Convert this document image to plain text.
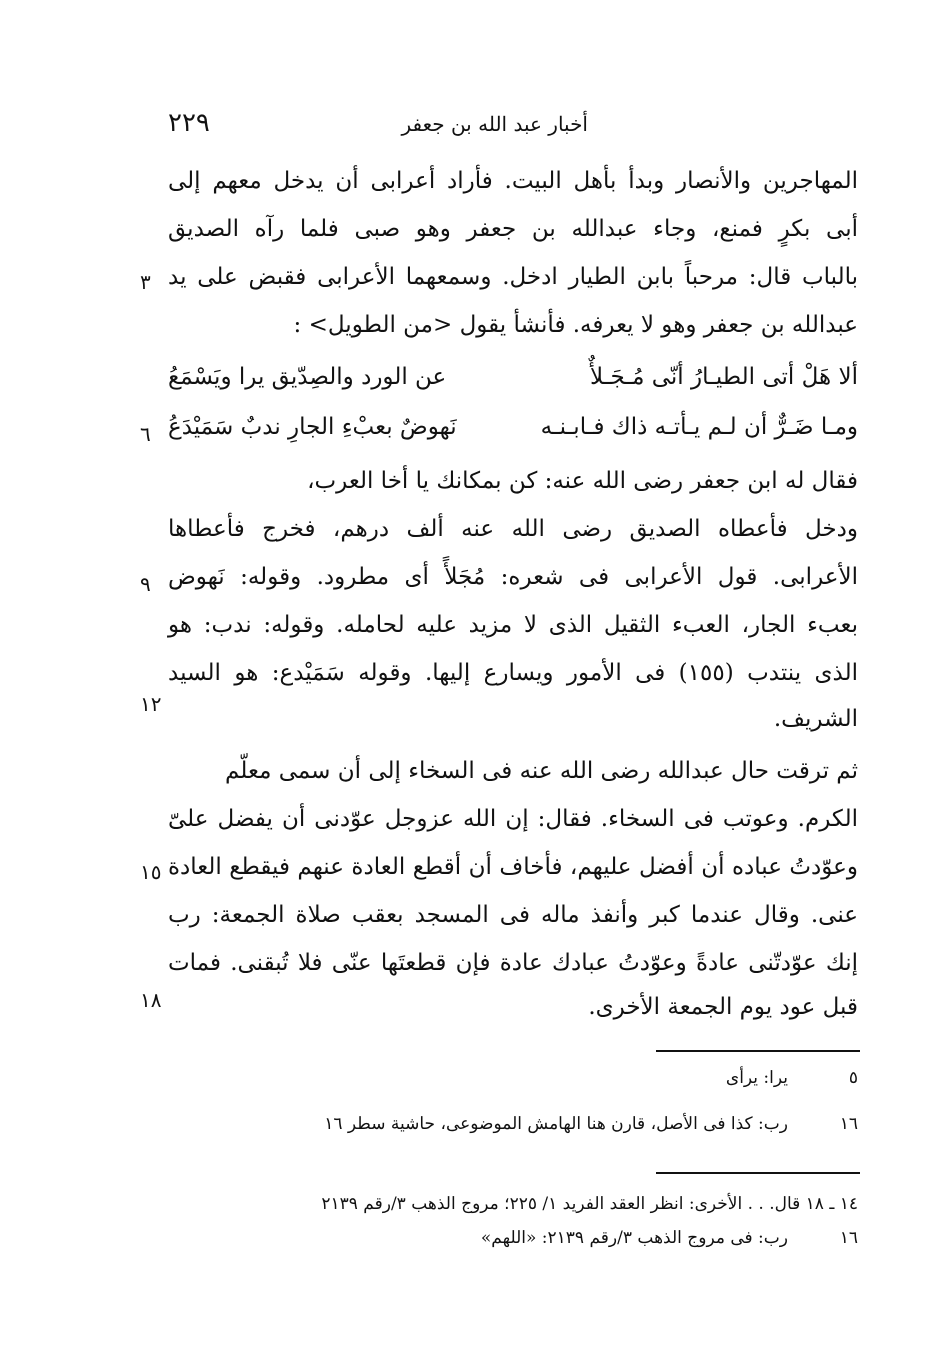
أخبار عبد الله بن جعفر
٢٢٩
المهاجرين والأنصار وبدأ بأهل البيت. فأراد أعرابى أن يدخل معهم إلى
أبى بكرٍ فمنع، وجاء عبدالله بن جعفر وهو صبى فلما رآه الصديق
بالباب قال: مرحباً بابن الطيار ادخل. وسمعهما الأعرابى فقبض على يد
عبدالله بن جعفر وهو لا يعرفه. فأنشأ يقول <من الطويل> :
ألا هَلْ أتى الطيـارُ أنّى مُـجَـلأٌ
عن الورد والصِدّيق يرا ويَسْمَعُ
ومـا ضَـرٌّ أن لـم يـأتـه ذاك فـابـنـه
نَهوضٌ بعبْءِ الجارِ ندبٌ سَمَيْدَعُ
فقال له ابن جعفر رضى الله عنه: كن بمكانك يا أخا العرب،
ودخل فأعطاه الصديق رضى الله عنه ألف درهم، فخرج فأعطاها
الأعرابى. قول الأعرابى فى شعره: مُجَلأً أى مطرود. وقوله: نَهوض
بعبء الجار، العبء الثقيل الذى لا مزيد عليه لحامله. وقوله: ندب: هو
الذى ينتدب (١٥٥) فى الأمور ويسارع إليها. وقوله سَمَيْدع: هو السيد
الشريف.
ثم ترقت حال عبدالله رضى الله عنه فى السخاء إلى أن سمى معلّم
الكرم. وعوتب فى السخاء. فقال: إن الله عزوجل عوّدنى أن يفضل علىّ
وعوّدتُ عباده أن أفضل عليهم، فأخاف أن أقطع العادة عنهم فيقطع العادة
عنى. وقال عندما كبر وأنفذ ماله فى المسجد بعقب صلاة الجمعة: رب
إنك عوّدتّنى عادةً وعوّدتُ عبادك عادة فإن قطعتَها عنّى فلا تُبقنى. فمات
قبل عود يوم الجمعة الأخرى.
٣
٦
٩
١٢
١٥
١٨
٥يرا: يرأى
١٦رب: كذا فى الأصل، قارن هنا الهامش الموضوعى، حاشية سطر ١٦
١٤ ـ ١٨ قال. . . الأخرى: انظر العقد الفريد ١/ ٢٢٥؛ مروج الذهب ٣/رقم ٢١٣٩
١٦رب: فى مروج الذهب ٣/رقم ٢١٣٩: «اللهم»
